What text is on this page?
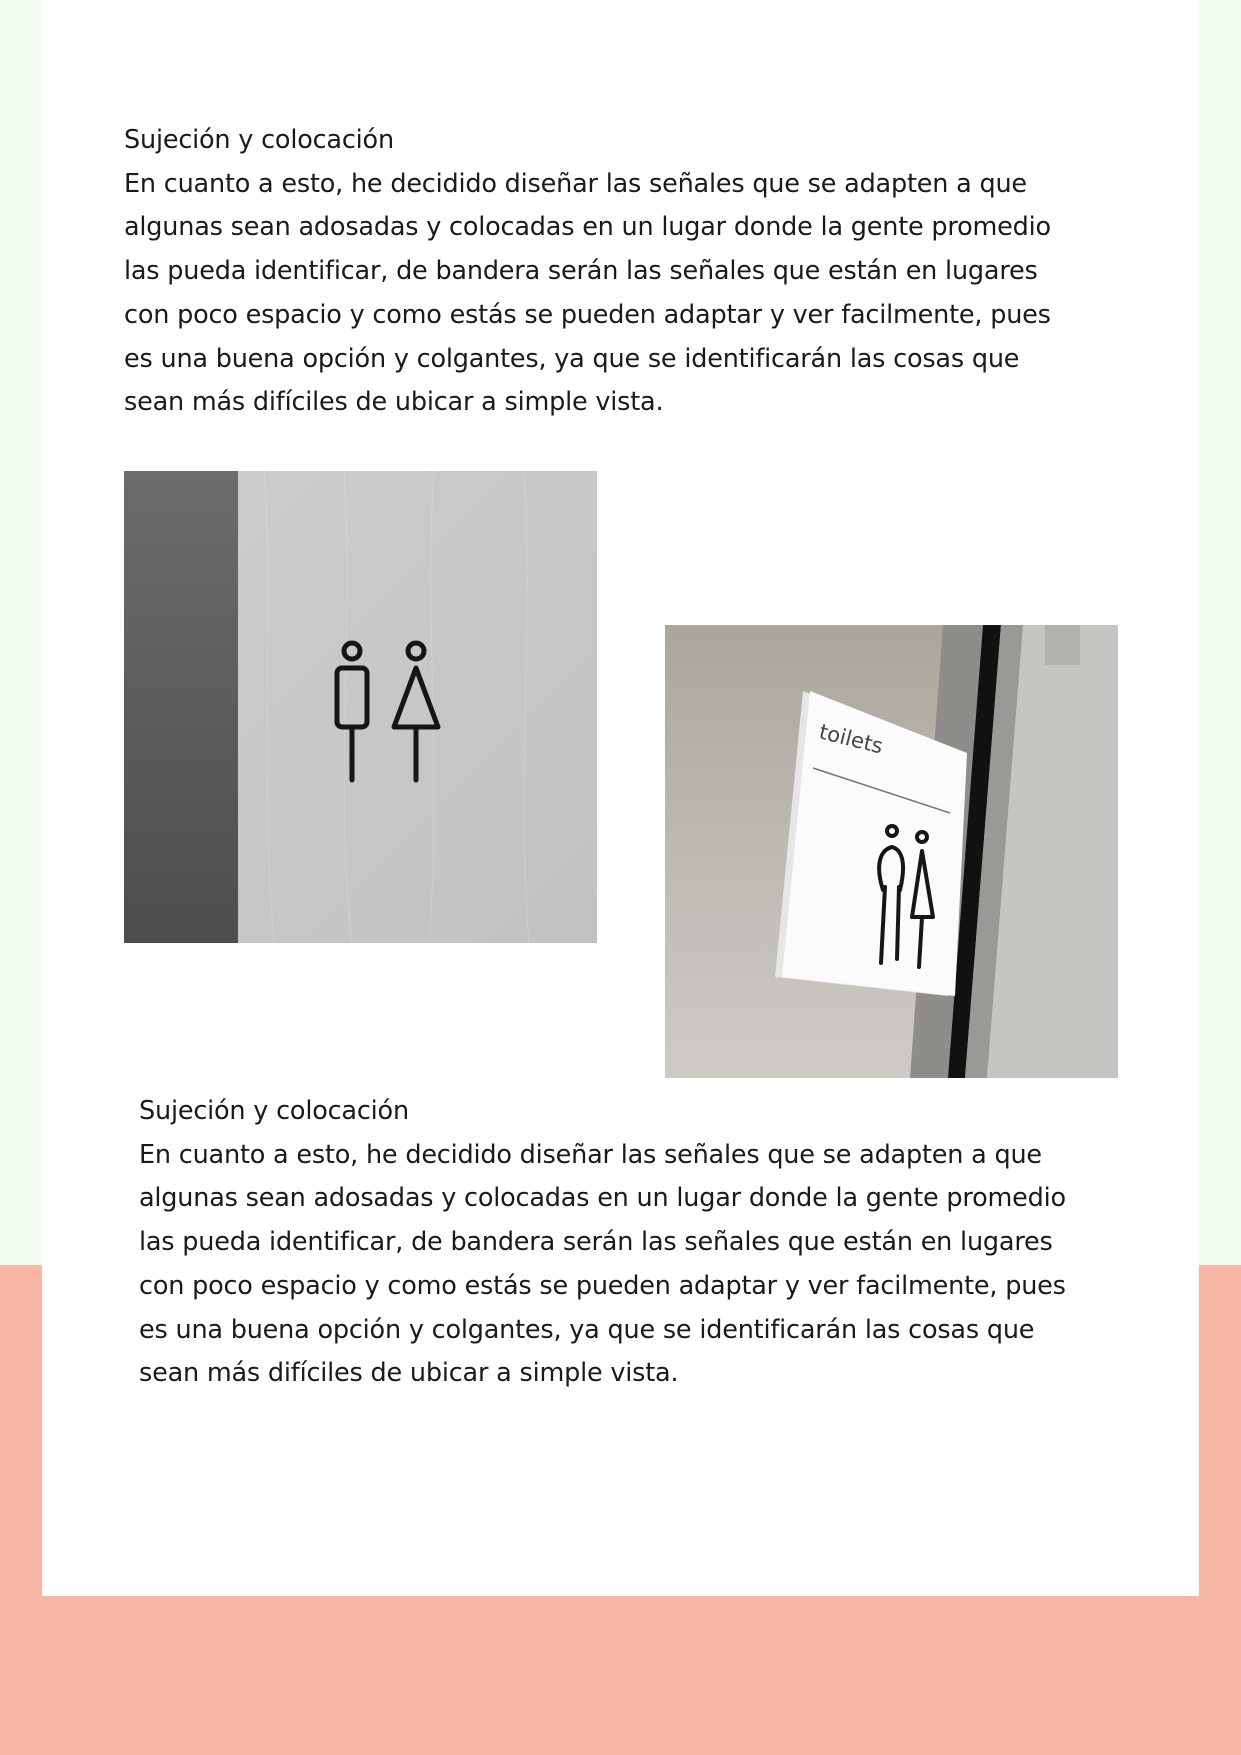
Sujeción y colocación

En cuanto a esto, he decidido diseñar las señales que se adapten a que

algunas sean adosadas y colocadas en un lugar donde la gente promedio

las pueda identificar, de bandera serán las señales que están en lugares

con poco espacio y como estás se pueden adaptar y ver facilmente, pues

es una buena opción y colgantes, ya que se identificarán las cosas que

sean más difíciles de ubicar a simple vista.

toilets

Sujeción y colocación

En cuanto a esto, he decidido diseñar las señales que se adapten a que

algunas sean adosadas y colocadas en un lugar donde la gente promedio

las pueda identificar, de bandera serán las señales que están en lugares

con poco espacio y como estás se pueden adaptar y ver facilmente, pues

es una buena opción y colgantes, ya que se identificarán las cosas que

sean más difíciles de ubicar a simple vista.
